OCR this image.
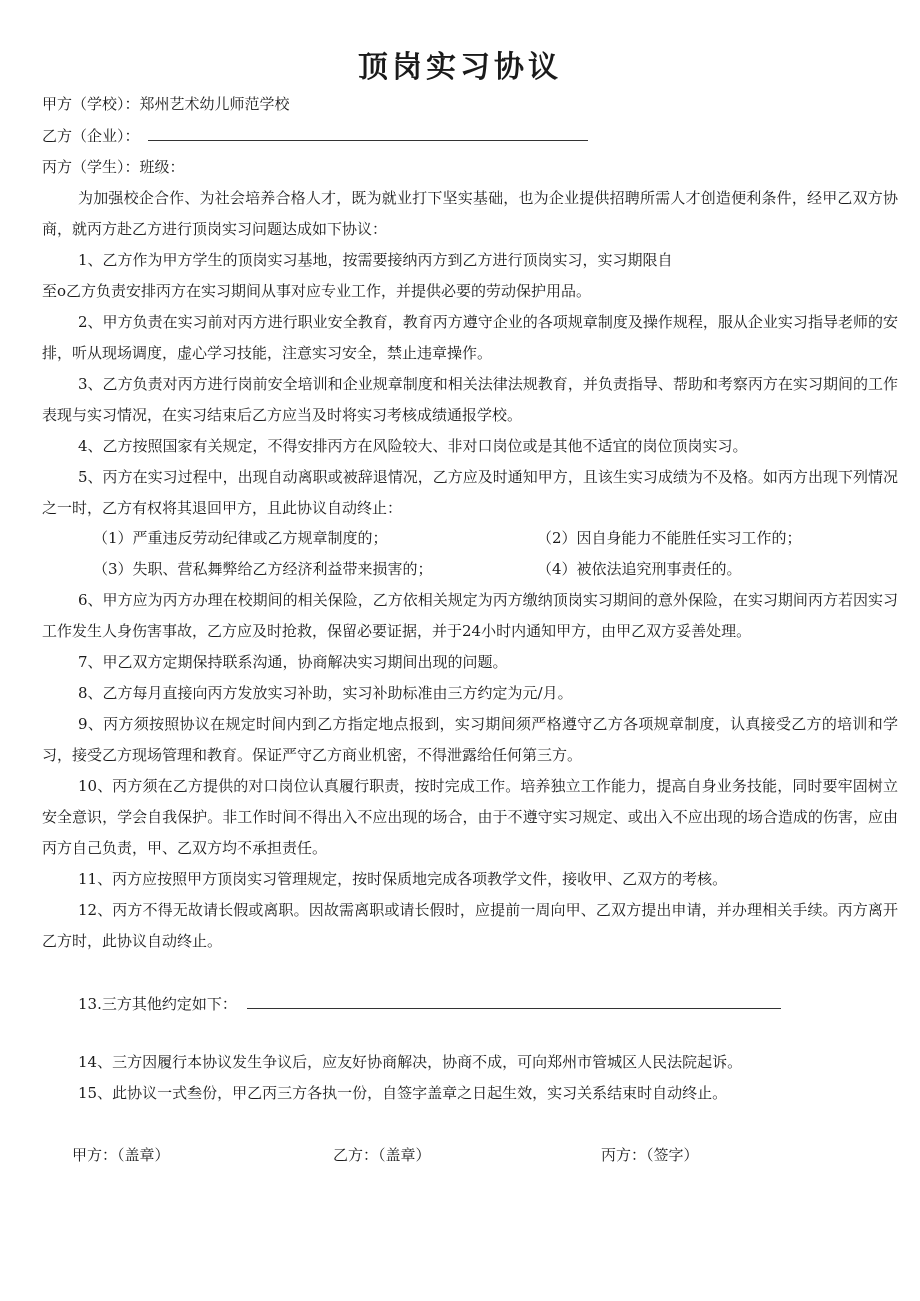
顶岗实习协议
甲方（学校）：郑州艺术幼儿师范学校
乙方（企业）：
丙方（学生）：班级：

为加强校企合作、为社会培养合格人才，既为就业打下坚实基础，也为企业提供招聘所需人才创造便利条件，经甲乙双方协商，就丙方赴乙方进行顶岗实习问题达成如下协议：

1、乙方作为甲方学生的顶岗实习基地，按需要接纳丙方到乙方进行顶岗实习，实习期限自

至o乙方负责安排丙方在实习期间从事对应专业工作，并提供必要的劳动保护用品。

2、甲方负责在实习前对丙方进行职业安全教育，教育丙方遵守企业的各项规章制度及操作规程，服从企业实习指导老师的安排，听从现场调度，虚心学习技能，注意实习安全，禁止违章操作。

3、乙方负责对丙方进行岗前安全培训和企业规章制度和相关法律法规教育，并负责指导、帮助和考察丙方在实习期间的工作表现与实习情况，在实习结束后乙方应当及时将实习考核成绩通报学校。

4、乙方按照国家有关规定，不得安排丙方在风险较大、非对口岗位或是其他不适宜的岗位顶岗实习。

5、丙方在实习过程中，出现自动离职或被辞退情况，乙方应及时通知甲方，且该生实习成绩为不及格。如丙方出现下列情况之一时，乙方有权将其退回甲方，且此协议自动终止：

（1）严重违反劳动纪律或乙方规章制度的；	（2）因自身能力不能胜任实习工作的；
（3）失职、营私舞弊给乙方经济利益带来损害的；	（4）被依法追究刑事责任的。

6、甲方应为丙方办理在校期间的相关保险，乙方依相关规定为丙方缴纳顶岗实习期间的意外保险，在实习期间丙方若因实习工作发生人身伤害事故，乙方应及时抢救，保留必要证据，并于24小时内通知甲方，由甲乙双方妥善处理。

7、甲乙双方定期保持联系沟通，协商解决实习期间出现的问题。

8、乙方每月直接向丙方发放实习补助，实习补助标准由三方约定为元/月。

9、丙方须按照协议在规定时间内到乙方指定地点报到，实习期间须严格遵守乙方各项规章制度，认真接受乙方的培训和学习，接受乙方现场管理和教育。保证严守乙方商业机密，不得泄露给任何第三方。

10、丙方须在乙方提供的对口岗位认真履行职责，按时完成工作。培养独立工作能力，提高自身业务技能，同时要牢固树立安全意识，学会自我保护。非工作时间不得出入不应出现的场合，由于不遵守实习规定、或出入不应出现的场合造成的伤害，应由丙方自己负责，甲、乙双方均不承担责任。

11、丙方应按照甲方顶岗实习管理规定，按时保质地完成各项教学文件，接收甲、乙双方的考核。

12、丙方不得无故请长假或离职。因故需离职或请长假时，应提前一周向甲、乙双方提出申请，并办理相关手续。丙方离开乙方时，此协议自动终止。

13.三方其他约定如下：

14、三方因履行本协议发生争议后，应友好协商解决，协商不成，可向郑州市管城区人民法院起诉。

15、此协议一式叁份，甲乙丙三方各执一份，自签字盖章之日起生效，实习关系结束时自动终止。

甲方：（盖章）	乙方：（盖章）	丙方：（签字）
